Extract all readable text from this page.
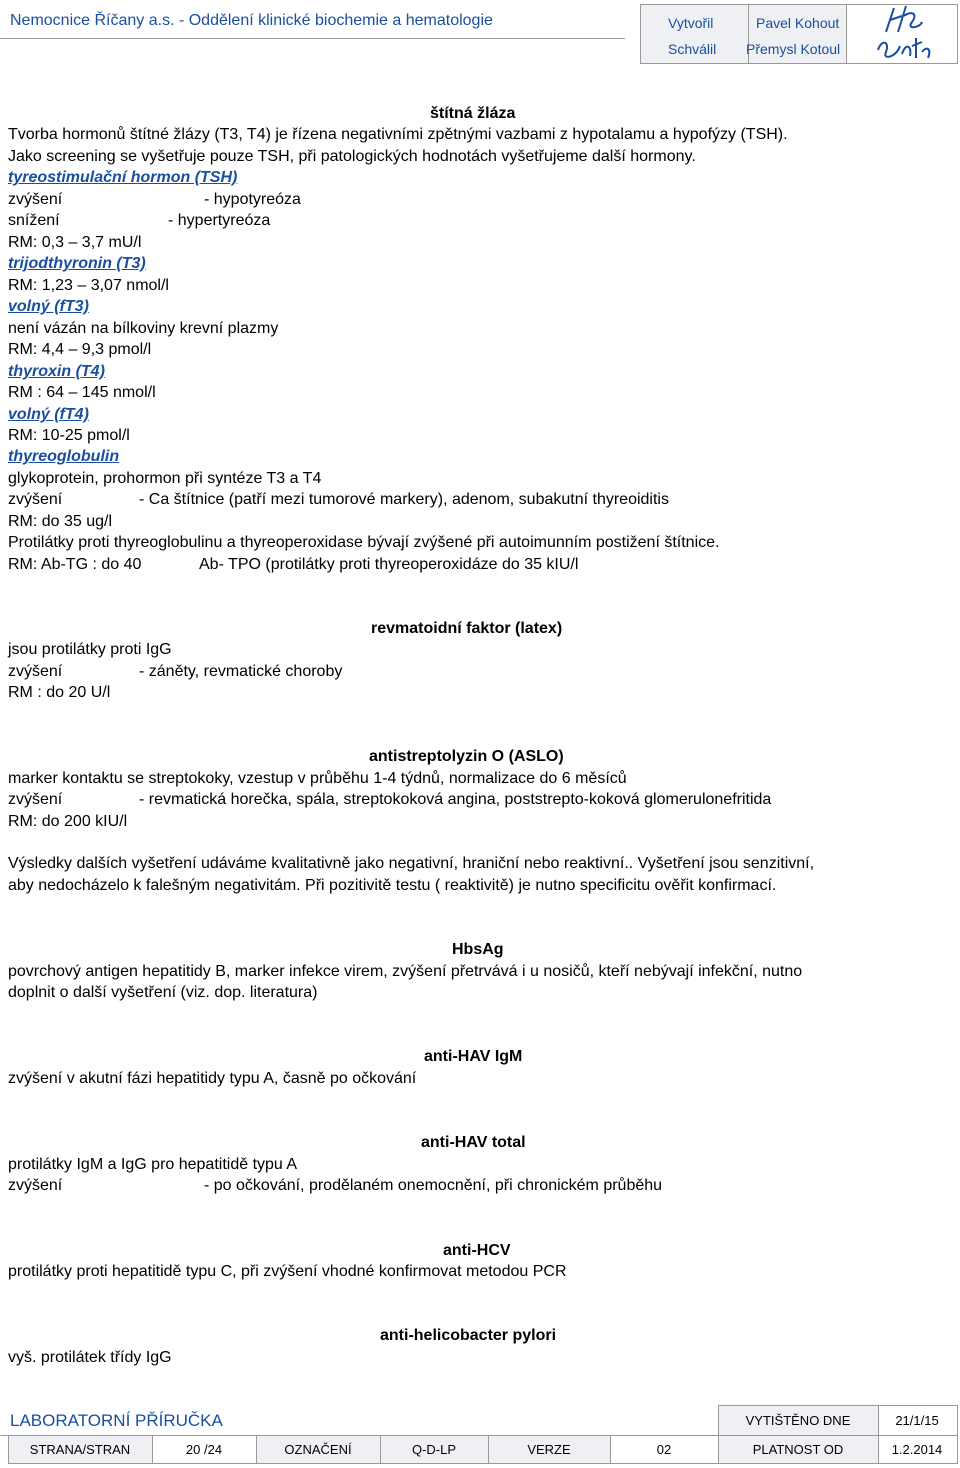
Nemocnice Říčany a.s. - Oddělení klinické biochemie a hematologie	Vytvořil	Pavel Kohout
Schválil Přemysl Kotoul
štítná žláza
Tvorba hormonů štítné žlázy (T3, T4) je řízena negativními zpětnými vazbami z hypotalamu a hypofýzy (TSH).
Jako screening se vyšetřuje pouze TSH, při patologických hodnotách vyšetřujeme další hormony.
tyreostimulační hormon (TSH)
zvýšení	- hypotyreóza
snížení	- hypertyreóza
RM: 0,3 – 3,7 mU/l
trijodthyronin (T3)
RM: 1,23 – 3,07 nmol/l
volný (fT3)
není vázán na bílkoviny krevní plazmy
RM: 4,4 – 9,3 pmol/l
thyroxin (T4)
RM : 64 – 145 nmol/l
volný (fT4)
RM: 10-25 pmol/l
thyreoglobulin
glykoprotein, prohormon při syntéze T3 a T4
zvýšení	- Ca štítnice (patří mezi tumorové markery), adenom, subakutní thyreoiditis
RM: do 35 ug/l
Protilátky proti thyreoglobulinu a thyreoperoxidase bývají zvýšené při autoimunním postižení štítnice.
RM: Ab-TG : do 40	Ab- TPO (protilátky proti thyreoperoxidáze do 35 kIU/l
revmatoidní faktor (latex)
jsou protilátky proti IgG
zvýšení	- záněty, revmatické choroby
RM : do 20 U/l
antistreptolyzin O (ASLO)
marker kontaktu se streptokoky, vzestup v průběhu 1-4 týdnů, normalizace do 6 měsíců
zvýšení	- revmatická horečka, spála, streptokoková angina, poststrepto-koková glomerulonefritida
RM: do 200 kIU/l
Výsledky dalších vyšetření udáváme kvalitativně jako negativní, hraniční nebo reaktivní.. Vyšetření jsou senzitivní,
aby nedocházelo k falešným negativitám. Při pozitivitě testu ( reaktivitě) je nutno specificitu ověřit konfirmací.
HbsAg
povrchový antigen hepatitidy B, marker infekce virem, zvýšení přetrvává i u nosičů, kteří nebývají infekční, nutno
doplnit o další vyšetření (viz. dop. literatura)
anti-HAV IgM
zvýšení v akutní fázi hepatitidy typu A, časně po očkování
anti-HAV total
protilátky IgM a IgG pro hepatitidě typu A
zvýšení	- po očkování, prodělaném onemocnění, při chronickém průběhu
anti-HCV
protilátky proti hepatitidě typu C, při zvýšení vhodné konfirmovat metodou PCR
anti-helicobacter pylori
vyš. protilátek třídy IgG
LABORATORNÍ PŘÍRUČKA	VYTIŠTĚNO DNE	21/1/15
STRANA/STRAN	20 /24	OZNAČENÍ	Q-D-LP	VERZE	02	PLATNOST OD	1.2.2014
